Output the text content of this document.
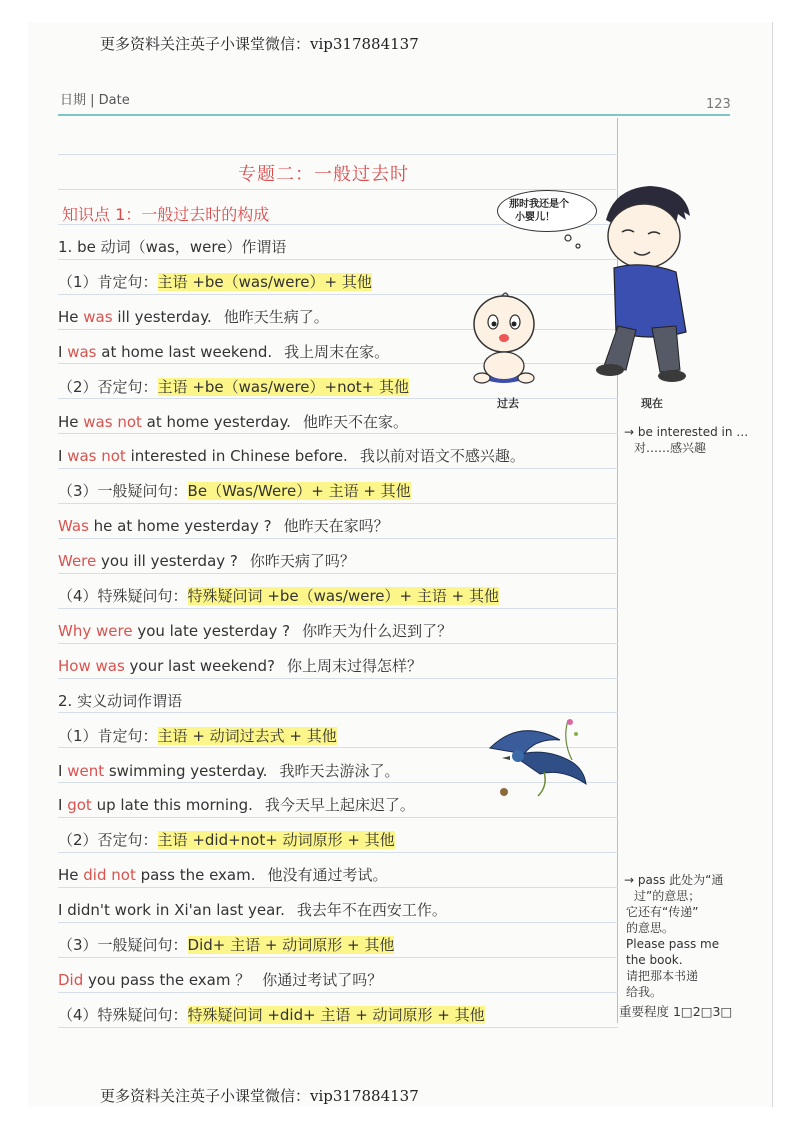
更多资料关注英子小课堂微信：vip317884137
更多资料关注英子小课堂微信：vip317884137
日期 | Date	123
专题二：一般过去时
知识点 1：一般过去时的构成
1. be 动词（was，were）作谓语
（1）肯定句：主语 +be（was/were）+ 其他
He was ill yesterday. 他昨天生病了。
I was at home last weekend. 我上周末在家。
（2）否定句：主语 +be（was/were）+not+ 其他
He was not at home yesterday. 他昨天不在家。
I was not interested in Chinese before. 我以前对语文不感兴趣。
（3）一般疑问句：Be（Was/Were）+ 主语 + 其他
Was he at home yesterday ? 他昨天在家吗？
Were you ill yesterday ? 你昨天病了吗？
（4）特殊疑问句：特殊疑问词 +be（was/were）+ 主语 + 其他
Why were you late yesterday ? 你昨天为什么迟到了？
How was your last weekend? 你上周末过得怎样？
2. 实义动词作谓语
（1）肯定句：主语 + 动词过去式 + 其他
I went swimming yesterday. 我昨天去游泳了。
I got up late this morning. 我今天早上起床迟了。
（2）否定句：主语 +did+not+ 动词原形 + 其他
He did not pass the exam. 他没有通过考试。
I didn't work in Xi'an last year. 我去年不在西安工作。
（3）一般疑问句：Did+ 主语 + 动词原形 + 其他
Did you pass the exam ？ 你通过考试了吗？
（4）特殊疑问句：特殊疑问词 +did+ 主语 + 动词原形 + 其他
那时我还是个
小婴儿！
过去	现在
→ be interested in …
对……感兴趣
→ pass 此处为“通
过”的意思；
它还有“传递”
的意思。
Please pass me
the book.
请把那本书递
给我。
重要程度 1□2□3□
